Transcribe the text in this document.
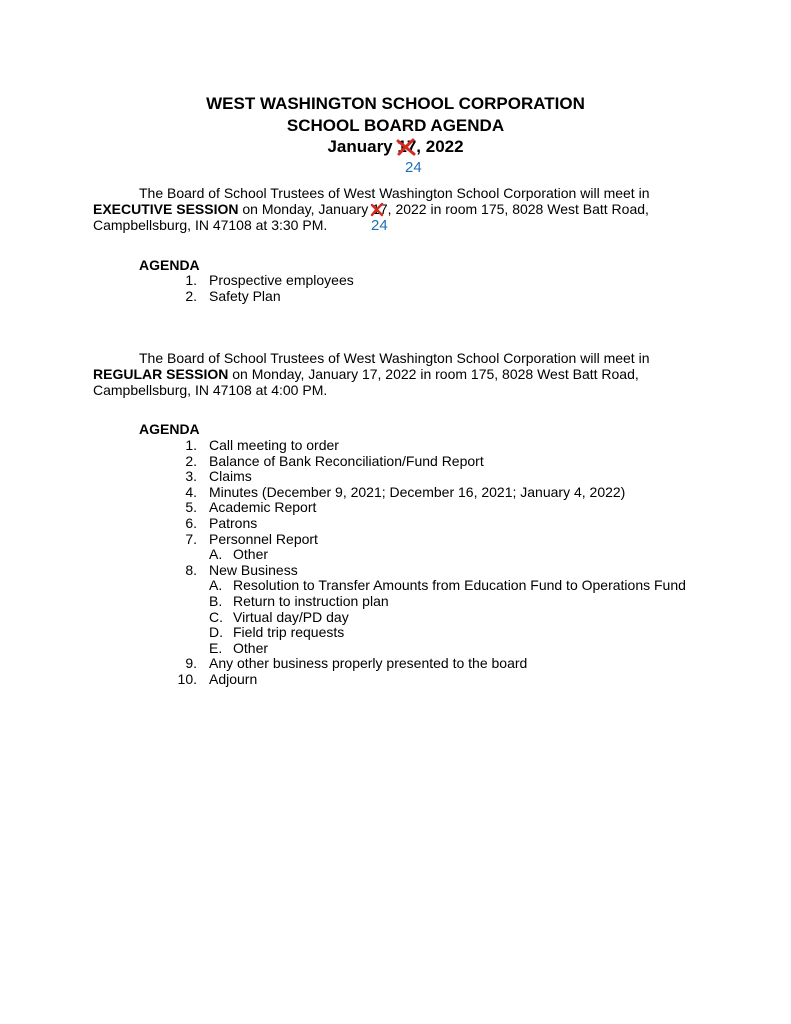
WEST WASHINGTON SCHOOL CORPORATION
SCHOOL BOARD AGENDA
January 17
, 2022
24
The Board of School Trustees of West Washington School Corporation will meet in
EXECUTIVE SESSION on Monday, January 17
, 2022 in room 175, 8028 West Batt Road,
Campbellsburg, IN 47108 at 3:30 PM.	24
AGENDA
1. Prospective employees
2. Safety Plan
The Board of School Trustees of West Washington School Corporation will meet in
REGULAR SESSION on Monday, January 17, 2022 in room 175, 8028 West Batt Road,
Campbellsburg, IN 47108 at 4:00 PM.
AGENDA
1. Call meeting to order
2. Balance of Bank Reconciliation/Fund Report
3. Claims
4. Minutes (December 9, 2021; December 16, 2021; January 4, 2022)
5. Academic Report
6. Patrons
7. Personnel Report
A. Other
8. New Business
A. Resolution to Transfer Amounts from Education Fund to Operations Fund
B. Return to instruction plan
C. Virtual day/PD day
D. Field trip requests
E. Other
9. Any other business properly presented to the board
10. Adjourn
